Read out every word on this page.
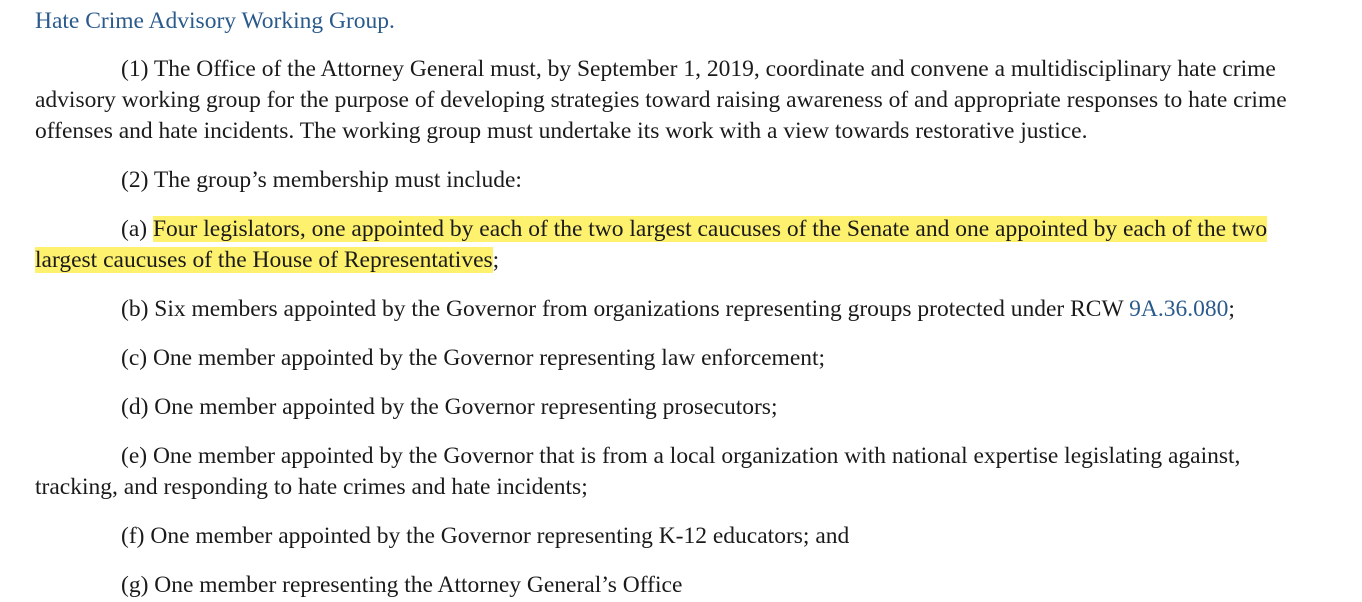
Hate Crime Advisory Working Group.

(1) The Office of the Attorney General must, by September 1, 2019, coordinate and convene a multidisciplinary hate crime advisory working group for the purpose of developing strategies toward raising awareness of and appropriate responses to hate crime offenses and hate incidents. The working group must undertake its work with a view towards restorative justice.

(2) The group’s membership must include:

(a) Four legislators, one appointed by each of the two largest caucuses of the Senate and one appointed by each of the two largest caucuses of the House of Representatives;

(b) Six members appointed by the Governor from organizations representing groups protected under RCW 9A.36.080;

(c) One member appointed by the Governor representing law enforcement;

(d) One member appointed by the Governor representing prosecutors;

(e) One member appointed by the Governor that is from a local organization with national expertise legislating against, tracking, and responding to hate crimes and hate incidents;

(f) One member appointed by the Governor representing K-12 educators; and

(g) One member representing the Attorney General’s Office
